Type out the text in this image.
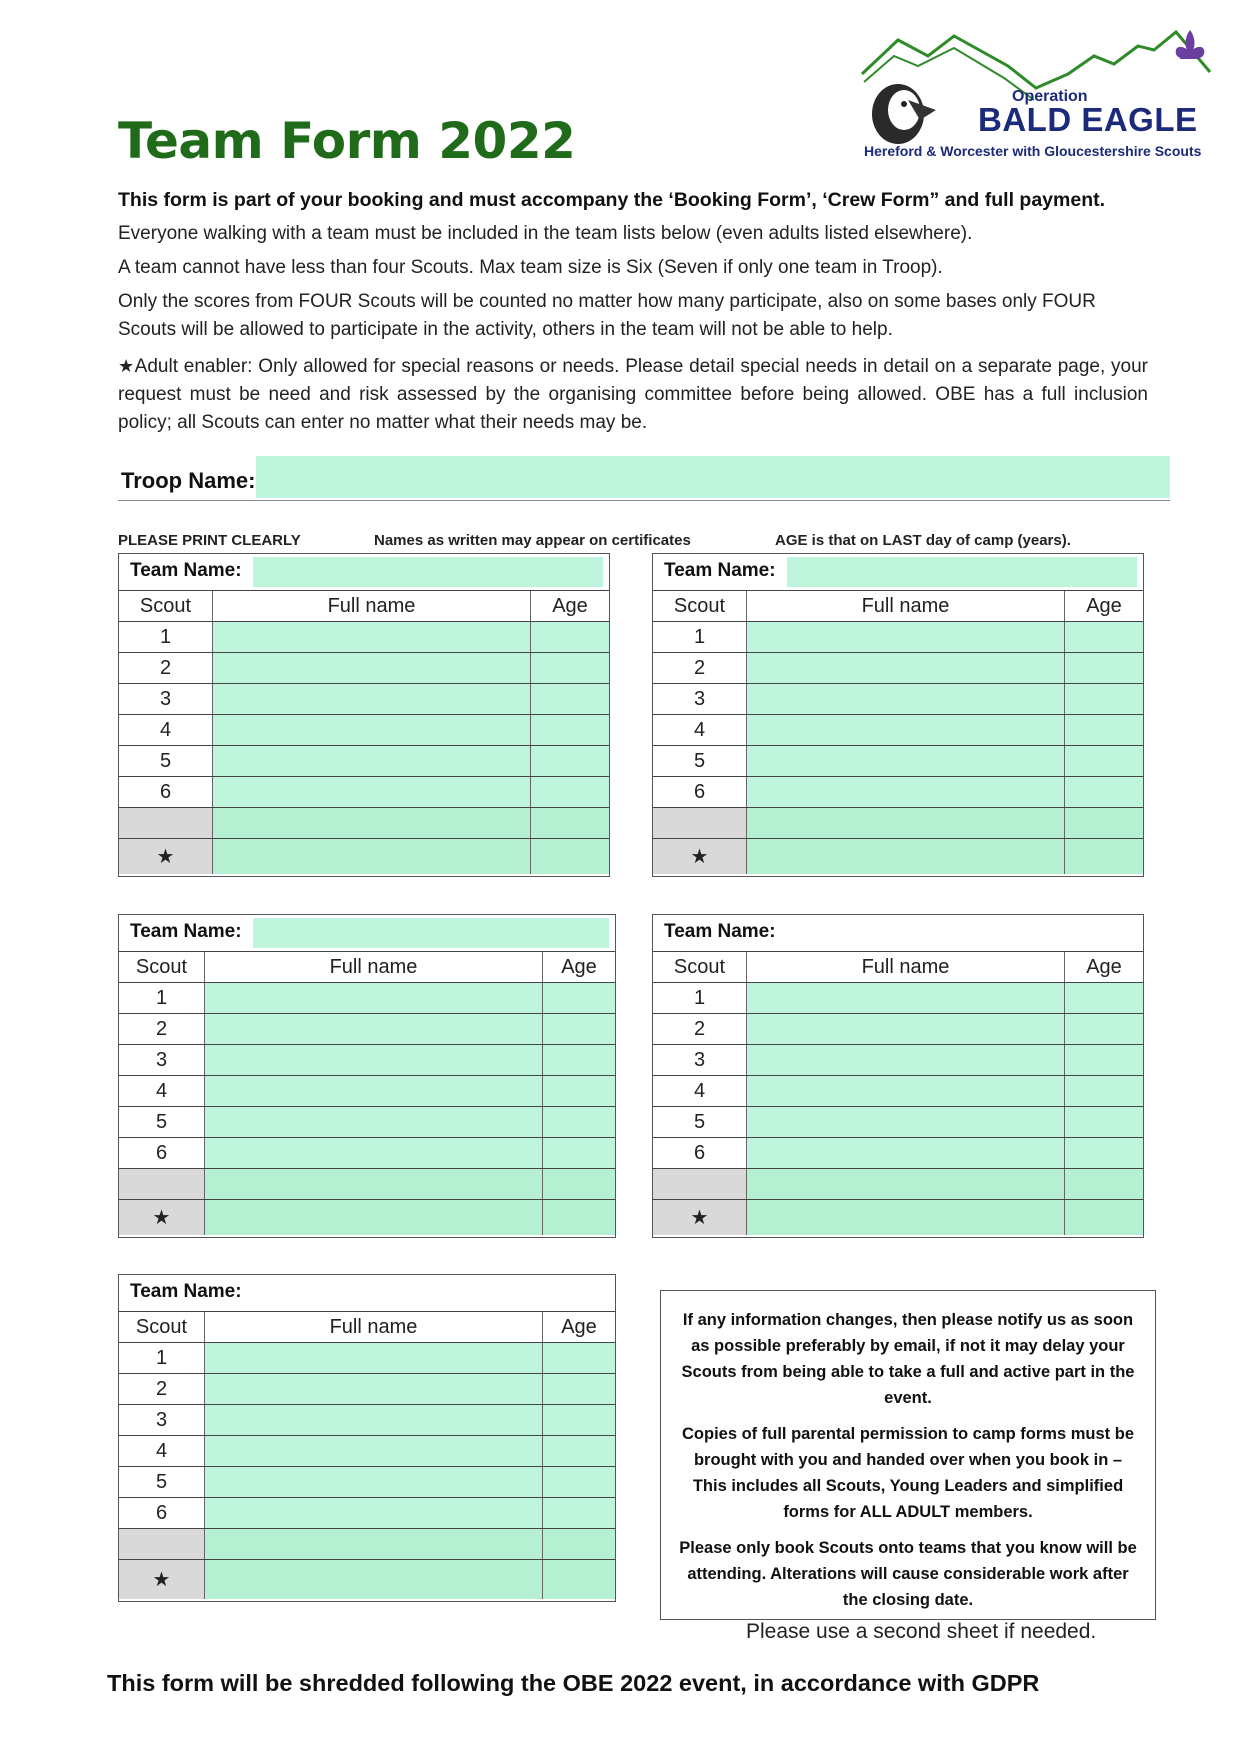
Team Form 2022
Operation
BALD EAGLE
Hereford & Worcester with Gloucestershire Scouts
This form is part of your booking and must accompany the ‘Booking Form’, ‘Crew Form” and full payment.
Everyone walking with a team must be included in the team lists below (even adults listed elsewhere).
A team cannot have less than four Scouts. Max team size is Six (Seven if only one team in Troop).
Only the scores from FOUR Scouts will be counted no matter how many participate, also on some bases only FOUR Scouts will be allowed to participate in the activity, others in the team will not be able to help.
★Adult enabler: Only allowed for special reasons or needs. Please detail special needs in detail on a separate page, your request must be need and risk assessed by the organising committee before being allowed. OBE has a full inclusion policy; all Scouts can enter no matter what their needs may be.
Troop Name:
PLEASE PRINT CLEARLY	Names as written may appear on certificates	AGE is that on LAST day of camp (years).
Team Name:
Scout	Full name	Age
1
2
3
4
5
6
★
Team Name:
Scout	Full name	Age
1
2
3
4
5
6
★
Team Name:
Scout	Full name	Age
1
2
3
4
5
6
★
Team Name:
Scout	Full name	Age
1
2
3
4
5
6
★
Team Name:
Scout	Full name	Age
1
2
3
4
5
6
★

If any information changes, then please notify us as soon as possible preferably by email, if not it may delay your Scouts from being able to take a full and active part in the event.

Copies of full parental permission to camp forms must be brought with you and handed over when you book in – This includes all Scouts, Young Leaders and simplified forms for ALL ADULT members.

Please only book Scouts onto teams that you know will be attending. Alterations will cause considerable work after the closing date.

Please use a second sheet if needed.
This form will be shredded following the OBE 2022 event, in accordance with GDPR
